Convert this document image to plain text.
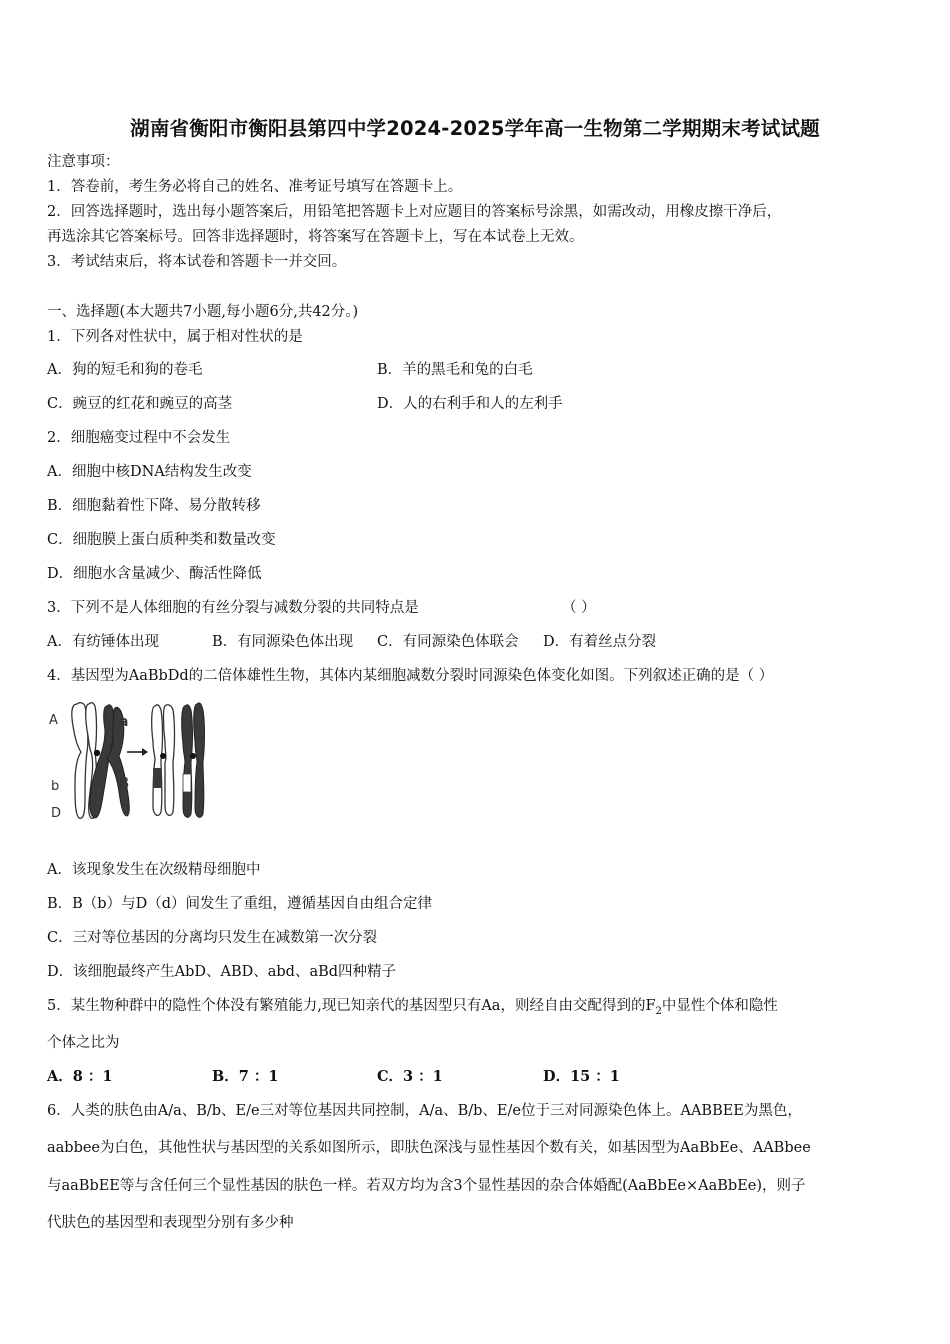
湖南省衡阳市衡阳县第四中学2024-2025学年高一生物第二学期期末考试试题
注意事项：
1．答卷前，考生务必将自己的姓名、准考证号填写在答题卡上。
2．回答选择题时，选出每小题答案后，用铅笔把答题卡上对应题目的答案标号涂黑，如需改动，用橡皮擦干净后，
再选涂其它答案标号。回答非选择题时，将答案写在答题卡上，写在本试卷上无效。
3．考试结束后，将本试卷和答题卡一并交回。
一、选择题(本大题共7小题,每小题6分,共42分。)
1．下列各对性状中，属于相对性状的是
A．狗的短毛和狗的卷毛	B．羊的黑毛和兔的白毛
C．豌豆的红花和豌豆的高茎	D．人的右利手和人的左利手
2．细胞癌变过程中不会发生
A．细胞中核DNA结构发生改变
B．细胞黏着性下降、易分散转移
C．细胞膜上蛋白质种类和数量改变
D．细胞水含量减少、酶活性降低
3．下列不是人体细胞的有丝分裂与减数分裂的共同特点是	（ ）
A．有纺锤体出现	B．有同源染色体出现 C．有同源染色体联会 D．有着丝点分裂
4．基因型为AaBbDd的二倍体雄性生物，其体内某细胞减数分裂时同源染色体变化如图。下列叙述正确的是（ ）
A	a
b	B
D	d
A．该现象发生在次级精母细胞中
B．B（b）与D（d）间发生了重组，遵循基因自由组合定律
C．三对等位基因的分离均只发生在减数第一次分裂
D．该细胞最终产生AbD、ABD、abd、aBd四种精子
5．某生物种群中的隐性个体没有繁殖能力,现已知亲代的基因型只有Aa，则经自由交配得到的$F_2$中显性个体和隐性
个体之比为
A．8 ：1	B．7 ：1	C．3 ：1	D．15 ：1
6．人类的肤色由A/a、B/b、E/e三对等位基因共同控制，A/a、B/b、E/e位于三对同源染色体上。AABBEE为黑色，
aabbee为白色，其他性状与基因型的关系如图所示，即肤色深浅与显性基因个数有关，如基因型为AaBbEe、AABbee
与aaBbEE等与含任何三个显性基因的肤色一样。若双方均为含3个显性基因的杂合体婚配(AaBbEe×AaBbEe)，则子
代肤色的基因型和表现型分别有多少种
